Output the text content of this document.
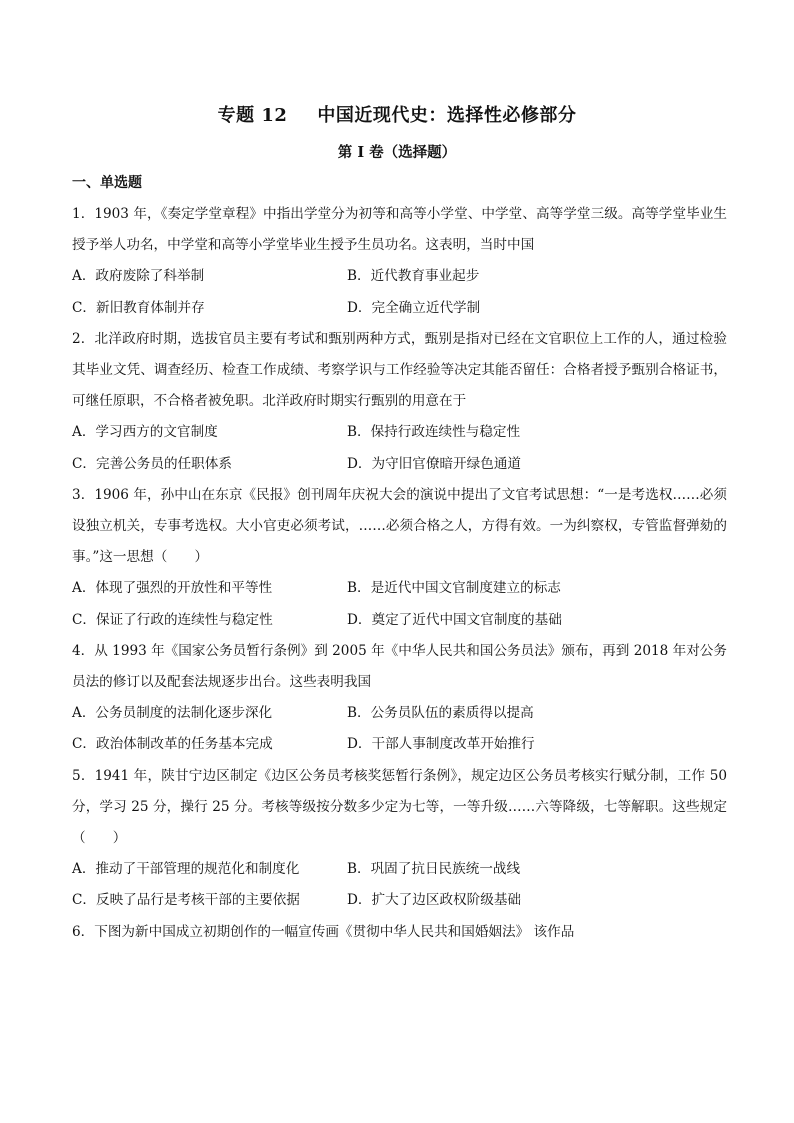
专题 12 中国近现代史：选择性必修部分
第 I 卷（选择题）
一、单选题
1．1903 年，《奏定学堂章程》中指出学堂分为初等和高等小学堂、中学堂、高等学堂三级。高等学堂毕业生授予举人功名，中学堂和高等小学堂毕业生授予生员功名。这表明，当时中国
A．政府废除了科举制	B．近代教育事业起步
C．新旧教育体制并存	D．完全确立近代学制
2．北洋政府时期，选拔官员主要有考试和甄别两种方式，甄别是指对已经在文官职位上工作的人，通过检验其毕业文凭、调查经历、检查工作成绩、考察学识与工作经验等决定其能否留任：合格者授予甄别合格证书，可继任原职，不合格者被免职。北洋政府时期实行甄别的用意在于
A．学习西方的文官制度	B．保持行政连续性与稳定性
C．完善公务员的任职体系	D．为守旧官僚暗开绿色通道
3．1906 年，孙中山在东京《民报》创刊周年庆祝大会的演说中提出了文官考试思想：“一是考选权……必须设独立机关，专事考选权。大小官吏必须考试，……必须合格之人，方得有效。一为纠察权，专管监督弹劾的事。”这一思想（　　）
A．体现了强烈的开放性和平等性	B．是近代中国文官制度建立的标志
C．保证了行政的连续性与稳定性	D．奠定了近代中国文官制度的基础
4．从 1993 年《国家公务员暂行条例》到 2005 年《中华人民共和国公务员法》颁布，再到 2018 年对公务员法的修订以及配套法规逐步出台。这些表明我国
A．公务员制度的法制化逐步深化	B．公务员队伍的素质得以提高
C．政治体制改革的任务基本完成	D．干部人事制度改革开始推行
5．1941 年，陕甘宁边区制定《边区公务员考核奖惩暂行条例》，规定边区公务员考核实行赋分制，工作 50 分，学习 25 分，操行 25 分。考核等级按分数多少定为七等，一等升级……六等降级，七等解职。这些规定（　　）
A．推动了干部管理的规范化和制度化	B．巩固了抗日民族统一战线
C．反映了品行是考核干部的主要依据	D．扩大了边区政权阶级基础
6．下图为新中国成立初期创作的一幅宣传画《贯彻中华人民共和国婚姻法》 该作品
